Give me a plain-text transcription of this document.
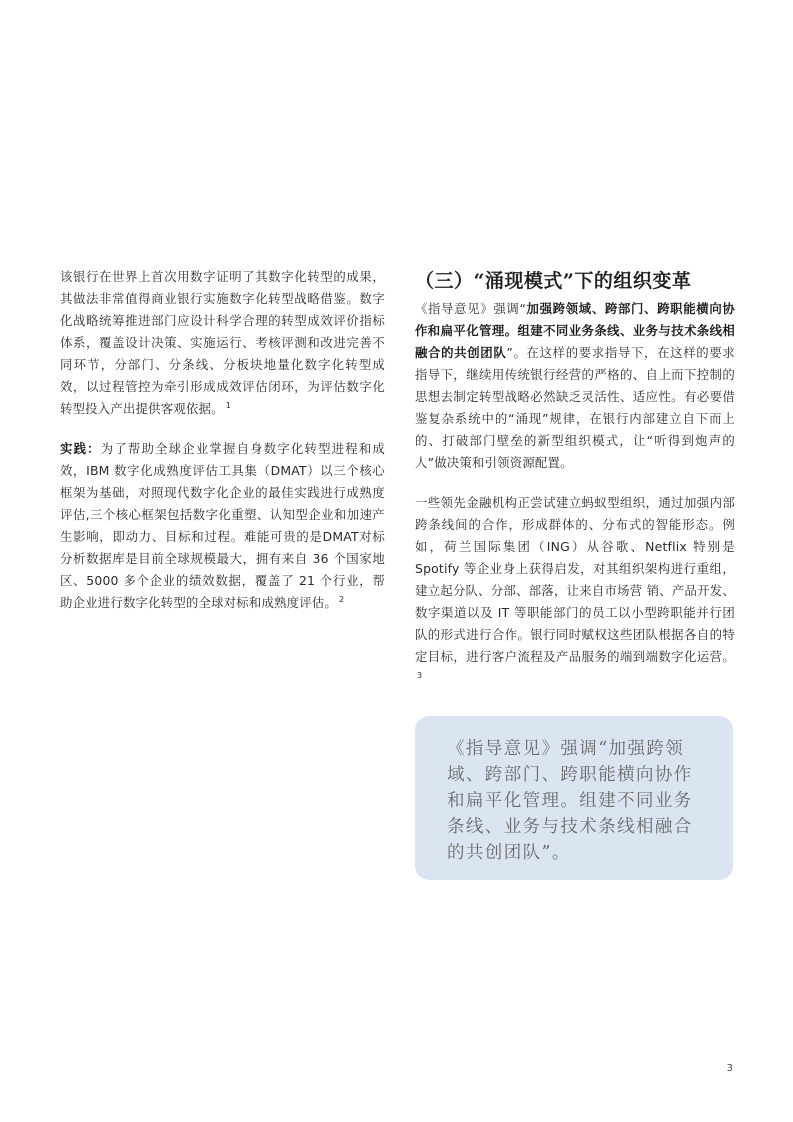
该银行在世界上首次用数字证明了其数字化转型的成果，其做法非常值得商业银行实施数字化转型战略借鉴。数字化战略统筹推进部门应设计科学合理的转型成效评价指标体系，覆盖设计决策、实施运行、考核评测和改进完善不同环节，分部门、分条线、分板块地量化数字化转型成效，以过程管控为牵引形成成效评估闭环，为评估数字化转型投入产出提供客观依据。 $^1$

实践：为了帮助全球企业掌握自身数字化转型进程和成效，IBM 数字化成熟度评估工具集（DMAT）以三个核心框架为基础，对照现代数字化企业的最佳实践进行成熟度评估,三个核心框架包括数字化重塑、认知型企业和加速产生影响，即动力、目标和过程。难能可贵的是DMAT对标分析数据库是目前全球规模最大，拥有来自 36 个国家地区、5000 多个企业的绩效数据，覆盖了 21 个行业，帮助企业进行数字化转型的全球对标和成熟度评估。 $^2$

（三）“涌现模式”下的组织变革

《指导意见》强调“加强跨领域、跨部门、跨职能横向协作和扁平化管理。组建不同业务条线、业务与技术条线相融合的共创团队”。在这样的要求指导下，在这样的要求指导下，继续用传统银行经营的严格的、自上而下控制的思想去制定转型战略必然缺乏灵活性、适应性。有必要借鉴复杂系统中的“涌现”规律，在银行内部建立自下而上的、打破部门壁垒的新型组织模式，让“听得到炮声的人”做决策和引领资源配置。

一些领先金融机构正尝试建立蚂蚁型组织，通过加强内部跨条线间的合作，形成群体的、分布式的智能形态。例如，荷兰国际集团（ING）从谷歌、Netflix 特别是 Spotify 等企业身上获得启发，对其组织架构进行重组，建立起分队、分部、部落，让来自市场营 销、产品开发、数字渠道以及 IT 等职能部门的员工以小型跨职能并行团队的形式进行合作。银行同时赋权这些团队根据各自的特定目标，进行客户流程及产品服务的端到端数字化运营。$^3$

《指导意见》强调“加强跨领域、跨部门、跨职能横向协作和扁平化管理。组建不同业务条线、业务与技术条线相融合的共创团队”。

3
